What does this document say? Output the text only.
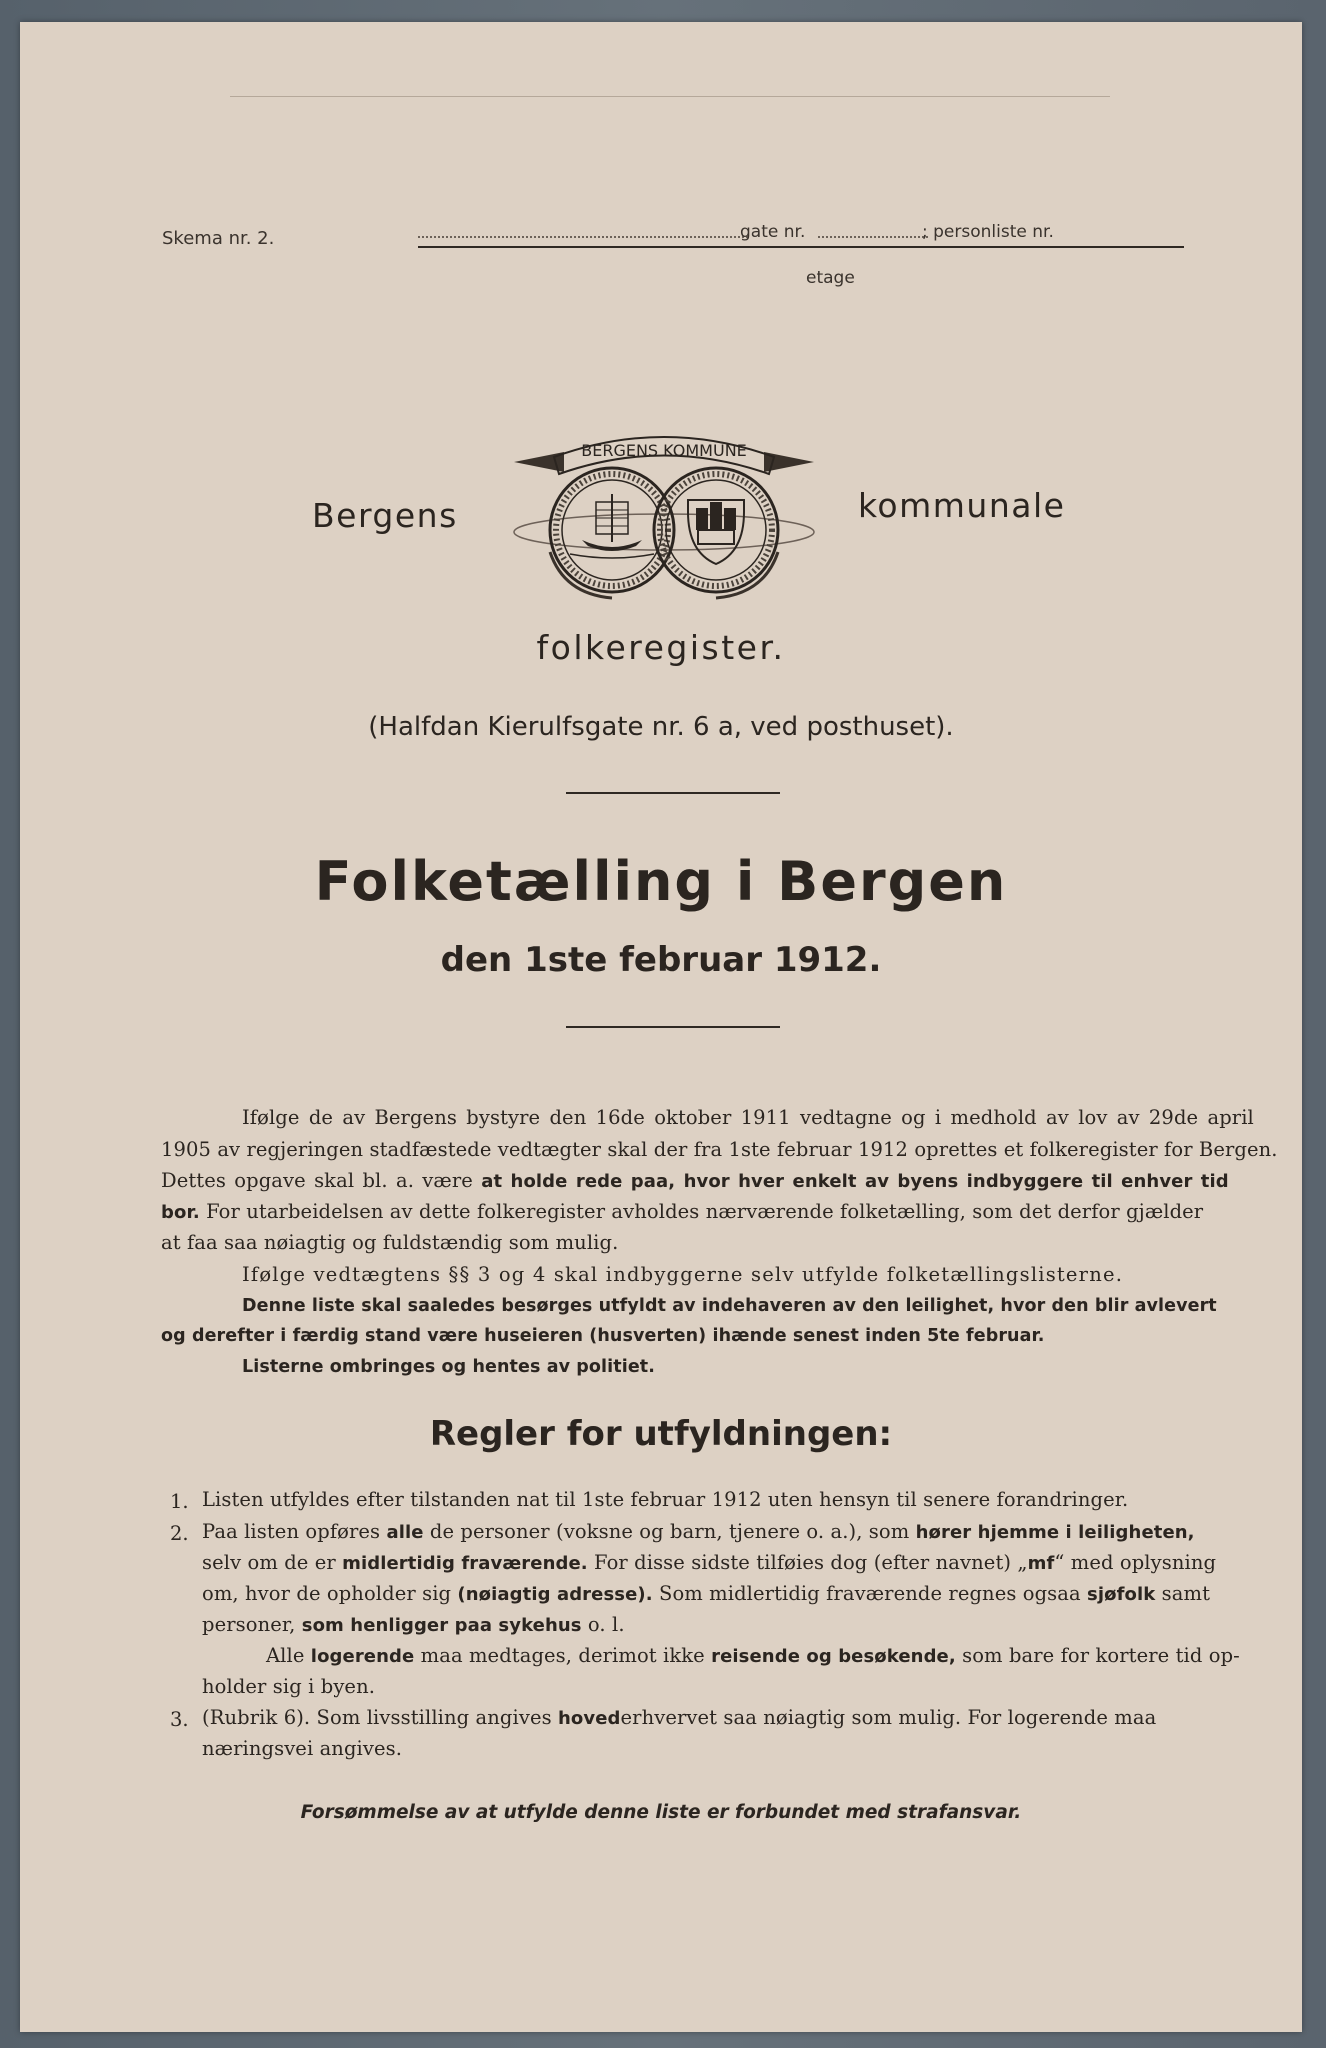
Skema nr. 2.	gate nr.	; personliste nr.
etage
BERGENS KOMMUNE
Bergens	kommunale
folkeregister.
(Halfdan Kierulfsgate nr. 6 a, ved posthuset).
Folketælling i Bergen
den 1ste februar 1912.
Ifølge de av Bergens bystyre den 16de oktober 1911 vedtagne og i medhold av lov av 29de april
1905 av regjeringen stadfæstede vedtægter skal der fra 1ste februar 1912 oprettes et folkeregister for Bergen.
Dettes opgave skal bl. a. være at holde rede paa, hvor hver enkelt av byens indbyggere til enhver tid
bor. For utarbeidelsen av dette folkeregister avholdes nærværende folketælling, som det derfor gjælder
at faa saa nøiagtig og fuldstændig som mulig.
Ifølge vedtægtens §§ 3 og 4 skal indbyggerne selv utfylde folketællingslisterne.
Denne liste skal saaledes besørges utfyldt av indehaveren av den leilighet, hvor den blir avlevert
og derefter i færdig stand være huseieren (husverten) ihænde senest inden 5te februar.
Listerne ombringes og hentes av politiet.
Regler for utfyldningen:
1. Listen utfyldes efter tilstanden nat til 1ste februar 1912 uten hensyn til senere forandringer.
2. Paa listen opføres alle de personer (voksne og barn, tjenere o. a.), som hører hjemme i leiligheten,
selv om de er midlertidig fraværende. For disse sidste tilføies dog (efter navnet) „mf“ med oplysning
om, hvor de opholder sig (nøiagtig adresse). Som midlertidig fraværende regnes ogsaa sjøfolk samt
personer, som henligger paa sykehus o. l.
Alle logerende maa medtages, derimot ikke reisende og besøkende, som bare for kortere tid op-
holder sig i byen.
3. (Rubrik 6). Som livsstilling angives hovederhvervet saa nøiagtig som mulig. For logerende maa
næringsvei angives.
Forsømmelse av at utfylde denne liste er forbundet med strafansvar.
